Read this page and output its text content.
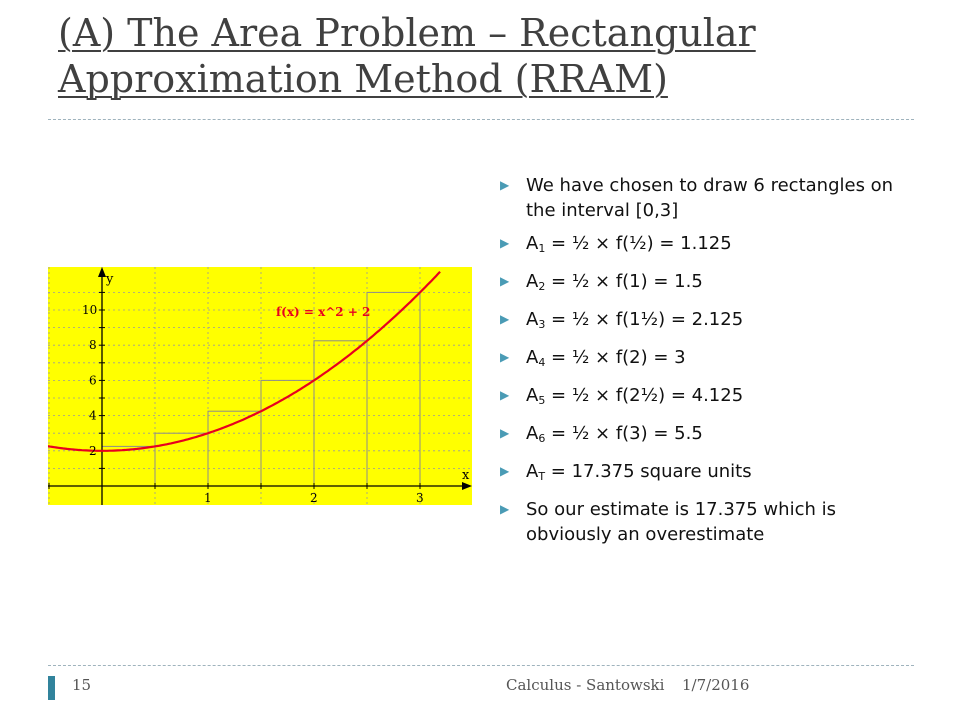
(A) The Area Problem – Rectangular
Approximation Method (RRAM)
f(x) = x^2 + 2
x
y
1	2	3
2
4
6
8
10
▶ We have chosen to draw 6 rectangles on the interval [0,3]
▶ $A_1$ = ½ × f(½) = 1.125
▶ $A_2$ = ½ × f(1) = 1.5
▶ $A_3$ = ½ × f(1½) = 2.125
▶ $A_4$ = ½ × f(2) = 3
▶ $A_5$ = ½ × f(2½) = 4.125
▶ $A_6$ = ½ × f(3) = 5.5
▶ $A_T = 17.375$ square units
▶ So our estimate is 17.375 which is obviously an overestimate
15	Calculus - Santowski 1/7/2016
